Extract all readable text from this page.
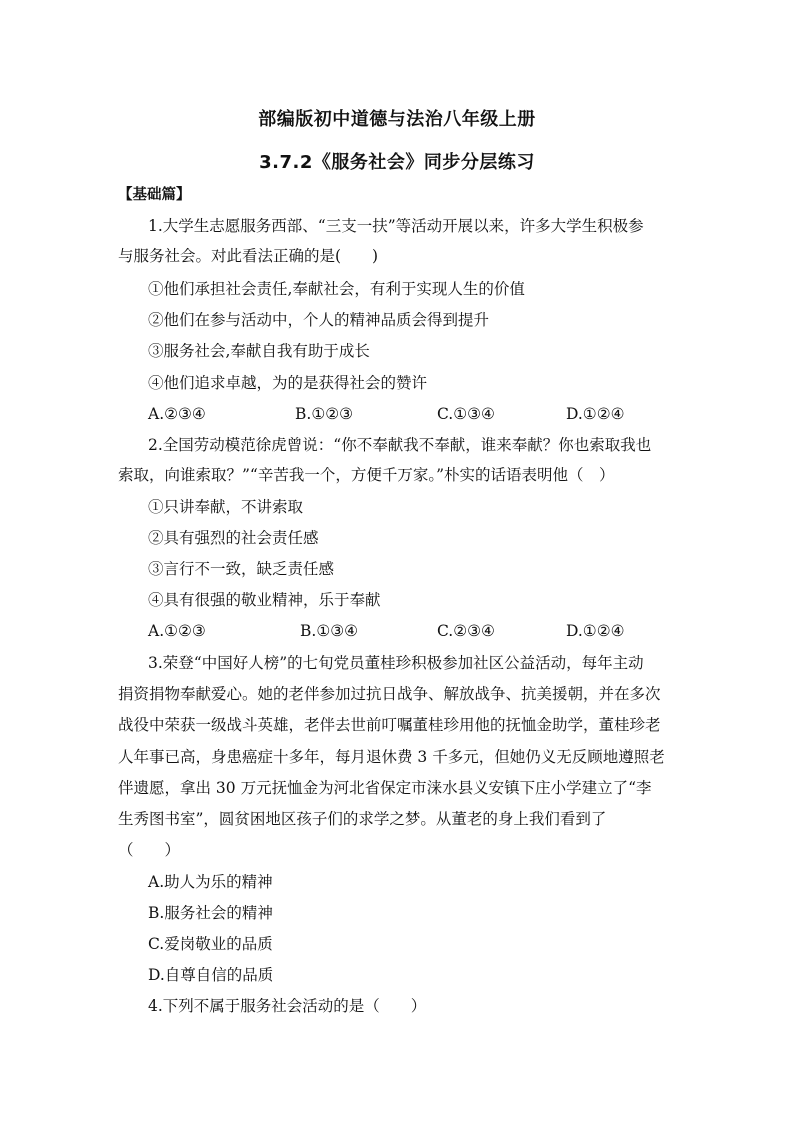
部编版初中道德与法治八年级上册
3.7.2《服务社会》同步分层练习
【基础篇】
1.大学生志愿服务西部、“三支一扶”等活动开展以来，许多大学生积极参
与服务社会。对此看法正确的是(　　)
①他们承担社会责任,奉献社会，有利于实现人生的价值
②他们在参与活动中，个人的精神品质会得到提升
③服务社会,奉献自我有助于成长
④他们追求卓越，为的是获得社会的赞许
A.②③④	B.①②③	C.①③④	D.①②④
2.全国劳动模范徐虎曾说：“你不奉献我不奉献，谁来奉献？你也索取我也
索取，向谁索取？”“辛苦我一个，方便千万家。”朴实的话语表明他（　）
①只讲奉献，不讲索取
②具有强烈的社会责任感
③言行不一致，缺乏责任感
④具有很强的敬业精神，乐于奉献
A.①②③	B.①③④	C.②③④	D.①②④
3.荣登“中国好人榜”的七旬党员董桂珍积极参加社区公益活动，每年主动
捐资捐物奉献爱心。她的老伴参加过抗日战争、解放战争、抗美援朝，并在多次
战役中荣获一级战斗英雄，老伴去世前叮嘱董桂珍用他的抚恤金助学，董桂珍老
人年事已高，身患癌症十多年，每月退休费 3 千多元，但她仍义无反顾地遵照老
伴遗愿，拿出 30 万元抚恤金为河北省保定市涞水县义安镇下庄小学建立了“李
生秀图书室”，圆贫困地区孩子们的求学之梦。从董老的身上我们看到了
（　　）
A.助人为乐的精神
B.服务社会的精神
C.爱岗敬业的品质
D.自尊自信的品质
4.下列不属于服务社会活动的是（　　）
